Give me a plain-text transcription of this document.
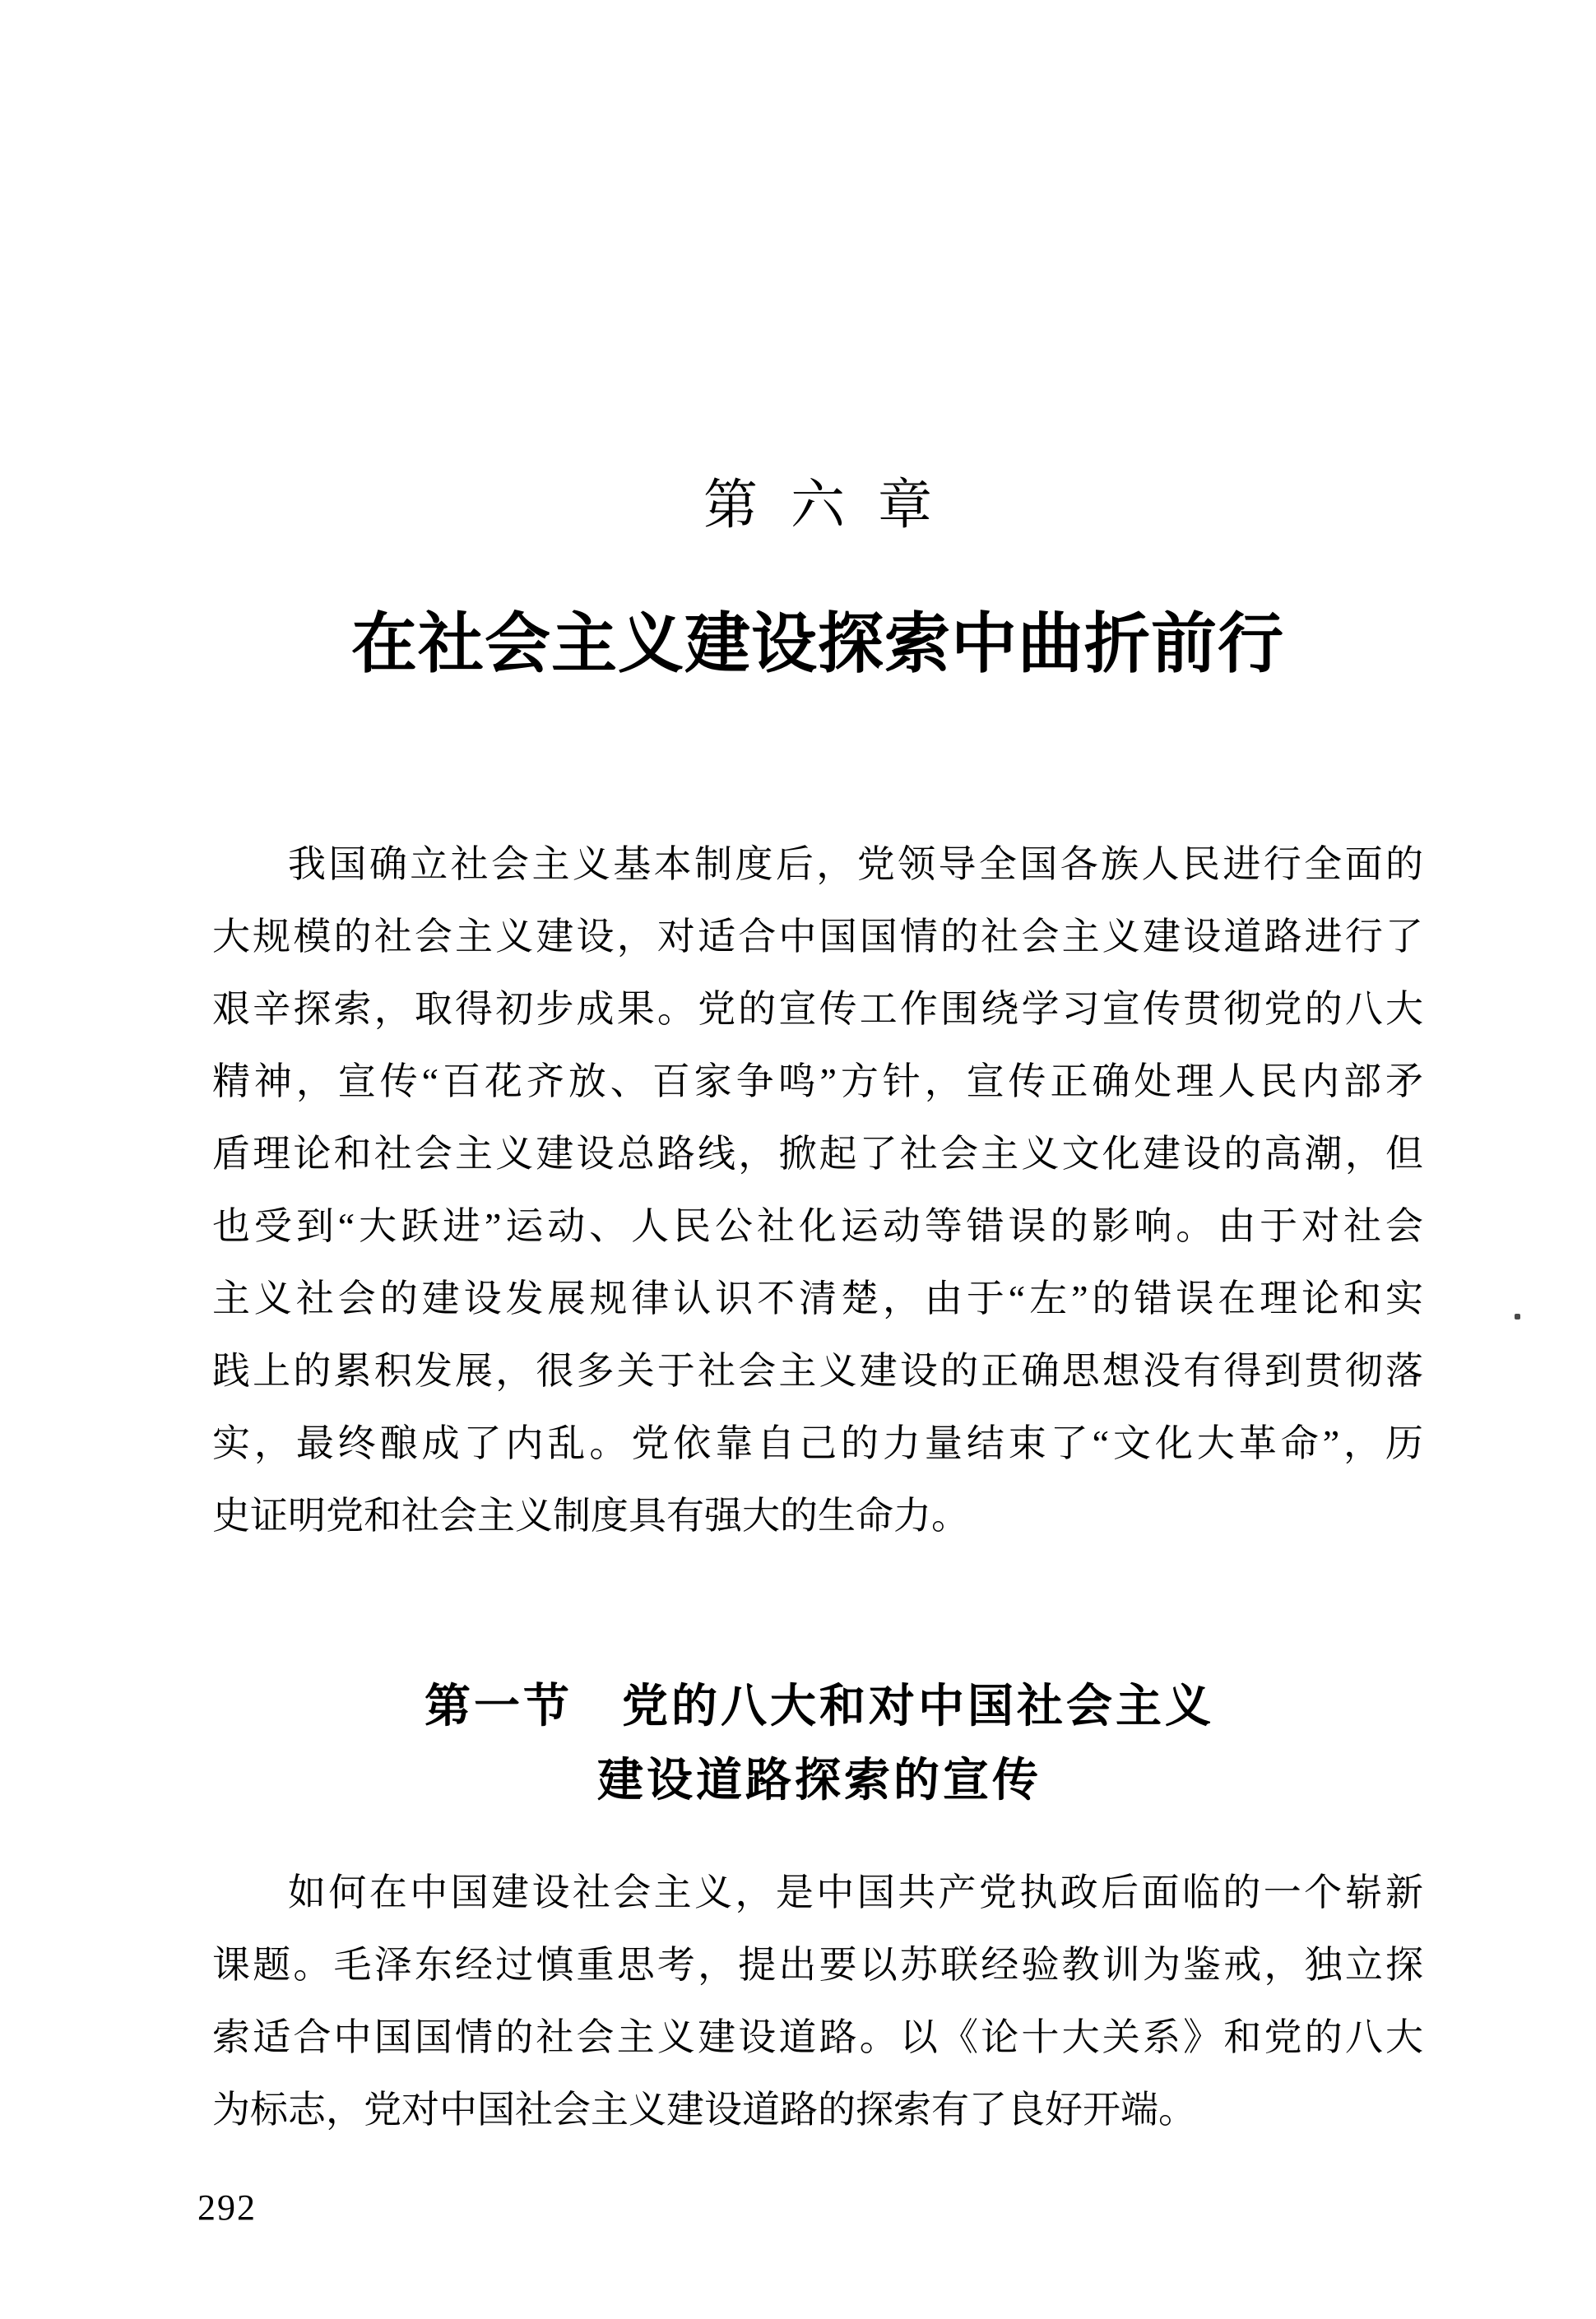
第六章
在社会主义建设探索中曲折前行
我国确立社会主义基本制度后，党领导全国各族人民进行全面的
大规模的社会主义建设，对适合中国国情的社会主义建设道路进行了
艰辛探索，取得初步成果。党的宣传工作围绕学习宣传贯彻党的八大
精神，宣传“百花齐放、百家争鸣”方针，宣传正确处理人民内部矛
盾理论和社会主义建设总路线，掀起了社会主义文化建设的高潮，但
也受到“大跃进”运动、人民公社化运动等错误的影响。由于对社会
主义社会的建设发展规律认识不清楚，由于“左”的错误在理论和实
践上的累积发展，很多关于社会主义建设的正确思想没有得到贯彻落
实，最终酿成了内乱。党依靠自己的力量结束了“文化大革命”，历
史证明党和社会主义制度具有强大的生命力。
第一节　党的八大和对中国社会主义
建设道路探索的宣传
如何在中国建设社会主义，是中国共产党执政后面临的一个崭新
课题。毛泽东经过慎重思考，提出要以苏联经验教训为鉴戒，独立探
索适合中国国情的社会主义建设道路。以《论十大关系》和党的八大
为标志，党对中国社会主义建设道路的探索有了良好开端。
292
